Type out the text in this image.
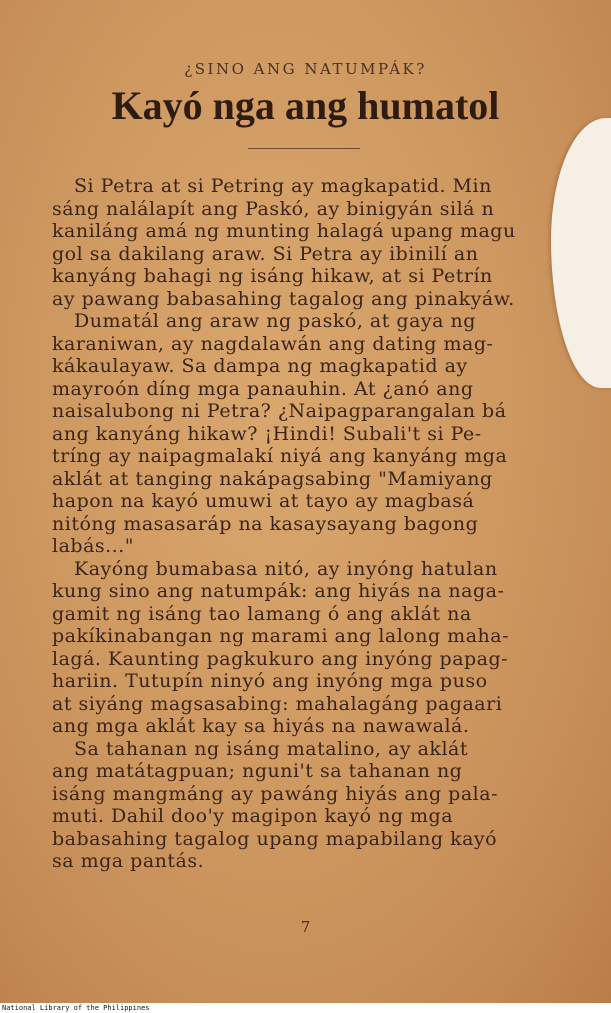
¿SINO ANG NATUMPÁK?
Kayó nga ang humatol
Si Petra at si Petring ay magkapatid. Min
sáng nalálapít ang Paskó, ay binigyán silá n
kaniláng amá ng munting halagá upang magu
gol sa dakilang araw. Si Petra ay ibinilí an
kanyáng bahagi ng isáng hikaw, at si Petrín
ay pawang babasahing tagalog ang pinakyáw.
Dumatál ang araw ng paskó, at gaya ng
karaniwan, ay nagdalawán ang dating mag-
kákaulayaw. Sa dampa ng magkapatid ay
mayroón díng mga panauhin. At ¿anó ang
naisalubong ni Petra? ¿Naipagparangalan bá
ang kanyáng hikaw? ¡Hindi! Subali't si Pe-
tríng ay naipagmalakí niyá ang kanyáng mga
aklát at tanging nakápagsabing "Mamiyang
hapon na kayó umuwi at tayo ay magbasá
nitóng masasaráp na kasaysayang bagong
labás..."
Kayóng bumabasa nitó, ay inyóng hatulan
kung sino ang natumpák: ang hiyás na naga-
gamit ng isáng tao lamang ó ang aklát na
pakíkinabangan ng marami ang lalong maha-
lagá. Kaunting pagkukuro ang inyóng papag-
hariin. Tutupín ninyó ang inyóng mga puso
at siyáng magsasabing: mahalagáng pagaari
ang mga aklát kay sa hiyás na nawawalá.
Sa tahanan ng isáng matalino, ay aklát
ang matátagpuan; nguni't sa tahanan ng
isáng mangmáng ay pawáng hiyás ang pala-
muti. Dahil doo'y magipon kayó ng mga
babasahing tagalog upang mapabilang kayó
sa mga pantás.
7
National Library of the Philippines
